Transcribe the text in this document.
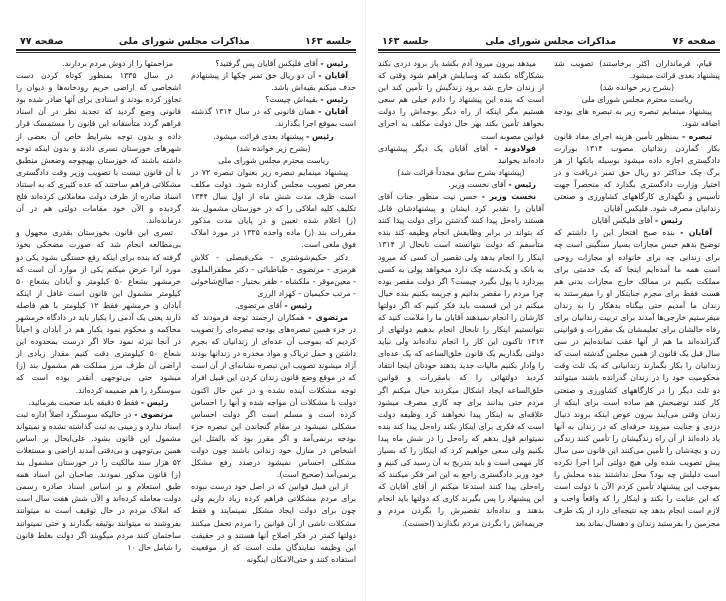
صفحه ۷۶
مذاکرات مجلس شورای ملی
جلسه ۱۶۳

قیام، فرمانداران اکثر برخاستند) تصویب شد پیشنهاد بعدی قرائت میشود.

(بشرح زیر خوانده شد)

ریاست محترم مجلس شورای ملی

پیشنهاد مینمایم تبصره زیر به تبصره های بودجه اضافه شود.

تبصره - بمنظور تأمین هزینه اجرای مفاد قانون بکار گماردن زندانیان مصوب ۱۳۱۴ بوزارت دادگستری اجازه داده میشود بوسیله بانکها از هر برگ چک حداکثر دو ریال حق تمبر دریافت و در اختیار وزارت دادگستری بگذارد که منحصراً جهت تأسیس و نگهداری کارگاههای کشاورزی و صنعتی زندانیان مصرف شود. فلیکس آقایان

رئیس - آقای فلیکس آقایان

آقایان - بنده صبح افتخار این را داشتم که توضیح بدهم حبس مجازات بسیار سنگینی است چه برای زندانی چه برای خانواده او مجازات روحی است همه ما آمده‌ایم اینجا که یک خدمتی برای مملکت بکنیم در ممالک خارج مجازات بدنی هم هست فقط برای مجرم جنایتکار او را میفرستند به زندان ما آمدیم حتی بیگناه بدهکار را به زندان میفرستیم خارجی‌ها آمدند برای تربیت زندانیان برای رفاه حالشان برای تعلیمشان یک مقررات و قوانینی گذرانده‌اند ما هم از آنها عقب نمانده‌ایم در سی سال قبل یک قانون از همین مجلس گذشته است که زندانیان را بکار بگمارند زندانیانی که یک ثلث وقت محکومیت خود را در زندان گذرانده باشند میتوانند دو ثلث دیگر را در کارگاههای کشاورزی و صنعتی کار کنند توضیحش هم ساده است برای اینکه از زندان وقتی می‌آیند بیرون عوض اینکه بروند دنبال دزدی و جنایت میروند حرفه‌ای که در زندان به آنها یاد داده‌اند از آن راه زندگیشان را تأمین کنند زندگی زن و بچه‌شان را تأمین می‌کنند این قانون سی سال پیش تصویب شده ولی هیچ دولتی آنرا اجرا نکرده است دلیلش چه بود؟ محل نداشتند بنده محلش را بموجب این پیشنهاد تأمین کردم الآن با دولت است که این عنایت را بکند و اینکار را که واقعاً واجب و لازم است انجام بدهد چه نتیجه‌ای دارد از یک طرف مجرمین را بفرستید زندان و دهسال بماند بعد

میدهد بیرون میرود آدم بکشد باز برود دزدی بکند بشکارگاه بکشد که وسایلش فراهم شود وقتی که از زندان خارج شد برود زندگیش را تأمین کند این است که بنده این پیشنهاد را دادم خیلی هم سعی هستیم مگر اینکه از راه دیگر بوجه‌اش را دولت بخواهد تأمین بکند بهر حال دولت مکلف به اجرای قوانین مصوبه است

فولادوند - آقای آقایان یک دیگر پیشنهادی داده‌اند بخوانید

(پیشنهاد بشرح سابق مجدداً قرائت شد)

رئیس - آقای نخست وزیر.

نخست وزیر - حسن نیت منظور جناب آقای آقایان را تقدیر کرد ایشان و پیشنهادشان قابل هستند راه‌حل پیدا کنند گذشتن برای دولت پیدا کنند که بتواند در برابر وظایفش انجام وظیفه کند بنده متأسفم که دولت نتوانسته است تابحال از ۱۳۱۴ اینکار را انجام بدهد ولی تقصیر آن کسی که میرود به بانک و یک‌دسته چک دارد میخواهد پولی به کسی بپردازد یا پول بگیرد چیست؟ اگر دولت مقصر بوده چرا مردم را مقصر بدانیم و جریمه بکنیم بنده خیال میکنم در این قسمت باید فکر کنیم که اگر دولتها کارشان را انجام نمیدهند آقایان ما را ملامت کنید که نتوانستیم اینکار را تابحال انجام بدهیم دولتهای از ۱۳۱۴ تاکنون این کار را انجام نداده‌اند ولی نباید دولتی بگذاریم یک قانون خلق‌الساعه که یک عده‌ای را وادار بکنیم مالیات جدید بدهند خودتان اینجا انتقاد کردید دولتهائی را که بامقررات و قوانین خلق‌الساعه ایجاد اشکال میکردند خیال میکنم اگر مردم حتی بدانند برای چه کاری مصرف میشود علاقه‌ای به اینکار پیدا نخواهند کرد وظیفه دولت است که فکری برای اینکار بکند راه‌حل پیدا کند بنده نمیتوانم قول بدهم که راه‌حل را در شش ماه پیدا بکنیم ولی سعی خواهیم کرد که اینکار را که بسیار کار مهمی است و باید بتدریج به آن رسید کی کنیم و خود وزیر دادگستری راجع به این امر فکر میکنند که راه‌حلی پیدا کنند استدعا میکنم از آقای آقایان که این پیشنهاد را پس بگیرند کاری که دولتها باید انجام بدهند و نداده‌اند تقصیرش را بگردن مردم و جریمه‌اش را بگردن مردم نگذارند (احسنت).

جلسه ۱۶۳
مذاکرات مجلس شورای ملی
صفحه ۷۷

رئیس - آقای فلیکس آقایان پس گرفتید؟

آقایان - آن دو ریال حق تمبر چکها از پیشنهادم حذف میکنم بقیه‌اش باشد.

رئیس - بقیه‌اش چیست؟

آقایان - همان قانونی که در سال ۱۳۱۴ گذشته است بموقع اجرا بگذارند.

رئیس - پیشنهاد بعدی قرائت میشود.

(بشرح زیر خوانده شد)

ریاست محترم مجلس شورای ملی

پیشنهاد مینمایم تبصره زیر بعنوان تبصره ۷۲ در معرض تصویب مجلس گذارده شود. دولت مکلف است ظرف مدت شش ماه از اول سال ۱۳۴۴ تکلیف کلیه املاکی را که در خوزستان مشمول بند (ز) اعلام شده تعیین و در پایان مدت مذکور مقررات بند (ز) ماده واحده ۱۳۳۵ در مورد املاک فوق ملغی است.

دکتر حکیم‌شوشتری - مکی‌فیصلی - کلاش هرمزی - مرتضوی - طباطبائی - دکتر مظفرالملوی - معین‌موقر - ملکشاه - ظفر بختیار - صالح‌شاخوئی - مرتب حکیمیان - کهزاد الرزی

رئیس - آقای مرتضوی.

مرتضوی - همکاران ارجمند توجه فرمودند که در جزء همین تبصره‌های بودجه تبصره‌ای را تصویب کردیم که بموجب آن عده‌ای از زندانیان که بجرم داشتن و حمل تریاک و مواد مخدره در زندانها بودند آزاد میشوند تصویب این تبصره نشانه‌ای از آن است که در موقع وضع قانون زندان کردن این قبیل افراد توجه مشکلات آینده نشده و در عین حال اکنون دولت با مشکلات آن مواجه شده و آنها را احساس کرده است و مسلم است اگر دولت احساس مشکلی نمیشود در مقام گنجاندن این تبصره جزء بودجه برنمی‌آمد و اگر مقرر بود که بالمثل این اشخاص در منازل خود زندانی باشند چون دولت مشکلی احساس نمیشود درصدد رفع مشکل برنمی‌آمد (صحیح است).

از این قبیل قوانین که در اصل خود درست نبوده برای مردم مشکلاتی فراهم کرده زیاد داریم ولی چون برای دولت ایجاد مشکل نمینمایند و فقط مشکلات ناشی از آن قوانین را مردم تحمل میکنند دولتها کمتر در فکر اصلاح آنها هستند و در حقیقت این وظیفه نمایندگان ملت است که از موقعیت استفاده کنند و حتی‌الامکان اینگونه

مزاحمتها را از دوش مردم بردارند.

در سال ۱۳۳۵ بمنظور کوتاه کردن دست اشخاصی که اراضی حریم رودخانه‌ها و دیوان را تجاوز کرده بودند و اسنادی برای آنها صادر شده بود قانونی وضع گردید که تجدید نظر در آن اسناد فراهم گردد متأسفانه این قانون را مستمسک قرار داده و بدون توجه بشرایط خاص آن بعضی از شهرهای خوزستان تسری دادند و بدون اینکه توجه داشته باشند که خوزستان بهیچوجه وضعش منطبق با آن قانون نیست با تصویب وزیر وقت دادگستری مشکلاتی فراهم ساختند که عده کثیری که به استناد اسناد صادره از طرف دولت معاملاتی کرده‌اند فلج گردیده و الآن خود مقامات دولتی هم در آن درمانده‌اند.

تسری این قانون بخوزستان بقدری مجهول و بی‌مطالعه انجام شد که صورت مضحکی بخود گرفته که بنده برای اینکه رفع خستگی بشود یکی دو مورد آنرا عرض میکنم یکی از موارد آن است که خرمشهر بشعاع ۵۰ کیلومتر و آبادان بشعاع ۵۰ کیلومتر مشمول این قانون است غافل از اینکه آبادان و خرمشهر فقط ۱۲ کیلومتر با هم فاصله دارند یعنی یک آدمی را یکبار باید در دادگاه خرمشهر محاکمه و محکوم نمود یکبار هم در آبادان و احیاناً در آنجا تبرئه نمود حالا اگر درست بمحدوده این شعاع ۵۰ کیلومتری دقت کنیم مقدار زیادی از اراضی آن طرف مرز مملکت هم مشمول بند (ز) میشود حتی بی‌توجهی آنقدر بوده است که سوسنگرد را هم ضمیمه کرده‌اند.

رئیس - فقط ۵ دقیقه باید صحبت بفرمائید.

مرتضوی - در حالیکه سوسنگرد اصلاً اداره ثبت اسناد ندارد و زمینی به ثبت گذاشته نشده و نمیتواند مشمول این قانون بشود. علی‌ایحال بر اساس همین بی‌توجهی و بی‌دقتی آمدند اراضی و مستغلات ۵۲ هزار سند مالکیت را در خوزستان مشمول بند (ز) قانون مذکور نمودند. صاحبان این اسناد همه طبق استعلام و بر اساس اسناد صادره رسمی دولت معامله کرده‌اند و الآن شش هفت سال است که املاک مردم در حال توقیف است نه میتوانند بفروشند نه میتوانند بوثیقه بگذارند و حتی نمیتوانند ساختمان کنند مردم میگویند اگر دولت بغلط قانون را شامل حال ۱۰
